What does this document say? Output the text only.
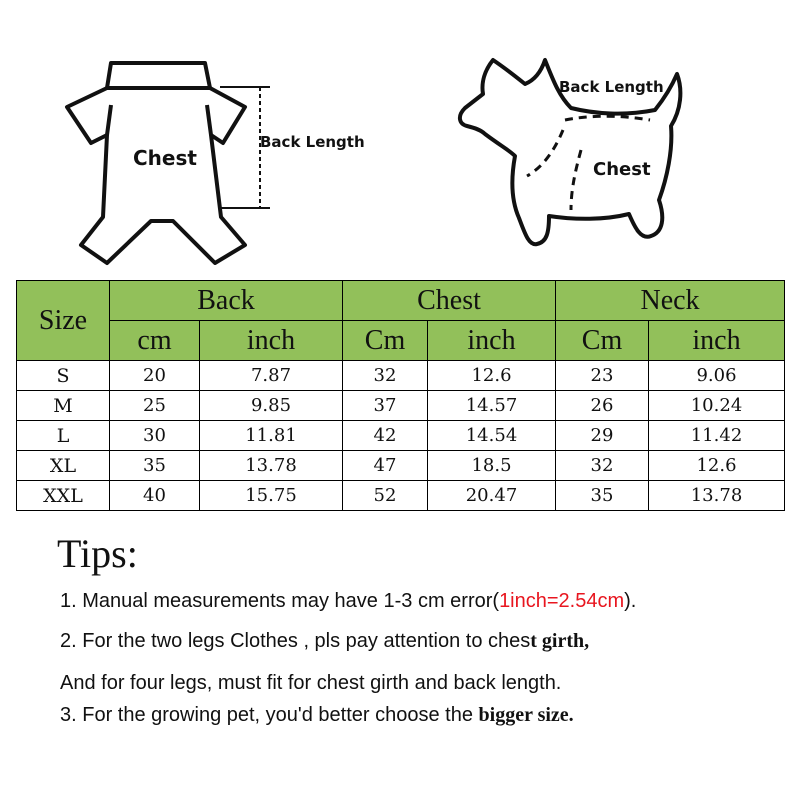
Chest
Back Length
Back Length
Chest
Size	Back		Chest		Neck	
	cm	inch	Cm	inch	Cm	inch
S	20	7.87	32	12.6	23	9.06
M	25	9.85	37	14.57	26	10.24
L	30	11.81	42	14.54	29	11.42
XL	35	13.78	47	18.5	32	12.6
XXL	40	15.75	52	20.47	35	13.78
Tips:

1. Manual measurements may have 1-3 cm error(1inch=2.54cm).

2. For the two legs Clothes , pls pay attention to chest girth,

And for four legs, must fit for chest girth and back length.

3. For the growing pet, you'd better choose the bigger size.
